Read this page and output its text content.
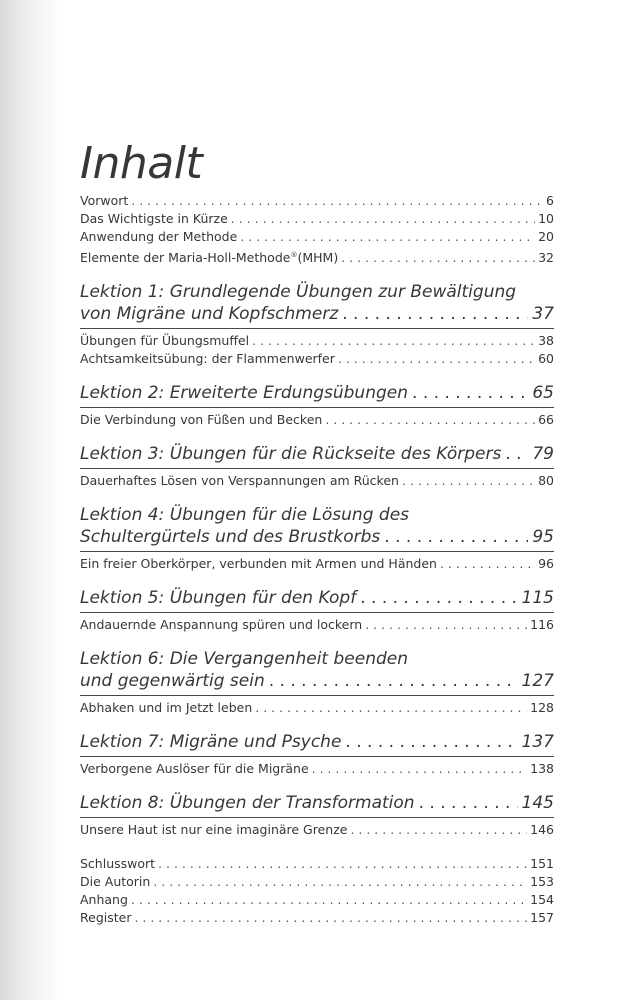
Inhalt
Vorwort . . .	6
Das Wichtigste in Kürze . . .	10
Anwendung der Methode . . .	20
Elemente der Maria-Holl-Methode®(MHM) . . .	32
Lektion 1: Grundlegende Übungen zur Bewältigung
von Migräne und Kopfschmerz . . .	37
Übungen für Übungsmuffel . . .	38
Achtsamkeitsübung: der Flammenwerfer . . .	60
Lektion 2: Erweiterte Erdungsübungen . . .	65
Die Verbindung von Füßen und Becken . . .	66
Lektion 3: Übungen für die Rückseite des Körpers . . . 79
Dauerhaftes Lösen von Verspannungen am Rücken . . .	80
Lektion 4: Übungen für die Lösung des
Schultergürtels und des Brustkorbs . . .	95
Ein freier Oberkörper, verbunden mit Armen und Händen . . .	96
Lektion 5: Übungen für den Kopf . . .	115
Andauernde Anspannung spüren und lockern . . .	116
Lektion 6: Die Vergangenheit beenden
und gegenwärtig sein . . .	127
Abhaken und im Jetzt leben . . .	128
Lektion 7: Migräne und Psyche . . .	137
Verborgene Auslöser für die Migräne . . .	138
Lektion 8: Übungen der Transformation . . .	145
Unsere Haut ist nur eine imaginäre Grenze . . .	146
Schlusswort . . .	151
Die Autorin . . .	153
Anhang . . .	154
Register . . .	157
